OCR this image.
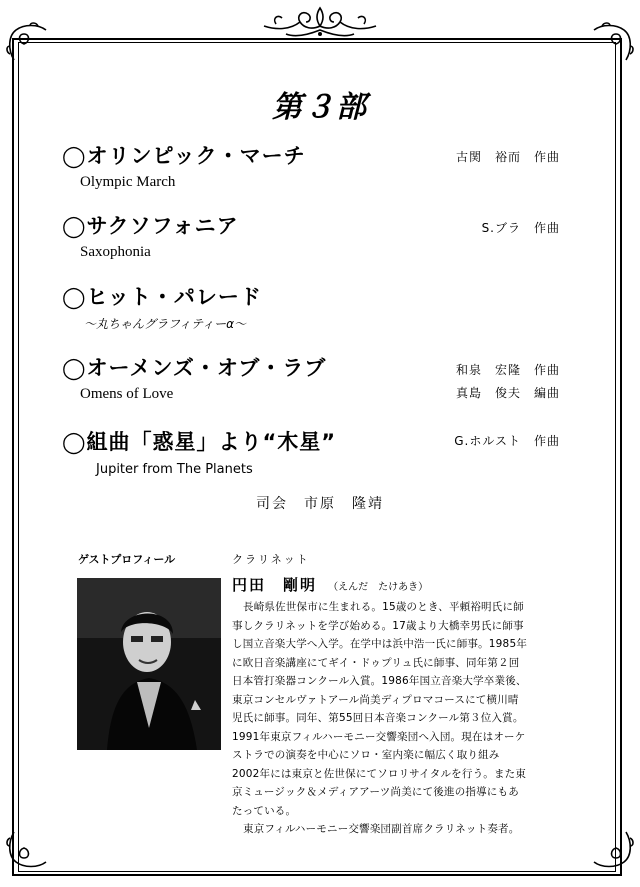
第３部
◯オリンピック・マーチ
Olympic March
古関　裕而　作曲
◯サクソフォニア
Saxophonia
S.ブラ　作曲
◯ヒット・パレード
～丸ちゃんグラフィティーα～
◯オーメンズ・オブ・ラブ
Omens of Love
和泉　宏隆　作曲
真島　俊夫　編曲
◯組曲「惑星」より“木星”
Jupiter from The Planets
G.ホルスト　作曲
司会　市原　隆靖
ゲストプロフィール	クラリネット
円田　剛明 （えんだ　たけあき）
長崎県佐世保市に生まれる。15歳のとき、平頼裕明氏に師
事しクラリネットを学び始める。17歳より大橋幸男氏に師事
し国立音楽大学へ入学。在学中は浜中浩一氏に師事。1985年
に欧日音楽講座にてギイ・ドゥプリュ氏に師事、同年第２回
日本管打楽器コンクール入賞。1986年国立音楽大学卒業後、
東京コンセルヴァトアール尚美ディプロマコースにて横川晴
児氏に師事。同年、第55回日本音楽コンクール第３位入賞。
1991年東京フィルハーモニー交響楽団へ入団。現在はオーケ
ストラでの演奏を中心にソロ・室内楽に幅広く取り組み
2002年には東京と佐世保にてソロリサイタルを行う。また東
京ミュージック＆メディアアーツ尚美にて後進の指導にもあ
たっている。
東京フィルハーモニー交響楽団副首席クラリネット奏者。
